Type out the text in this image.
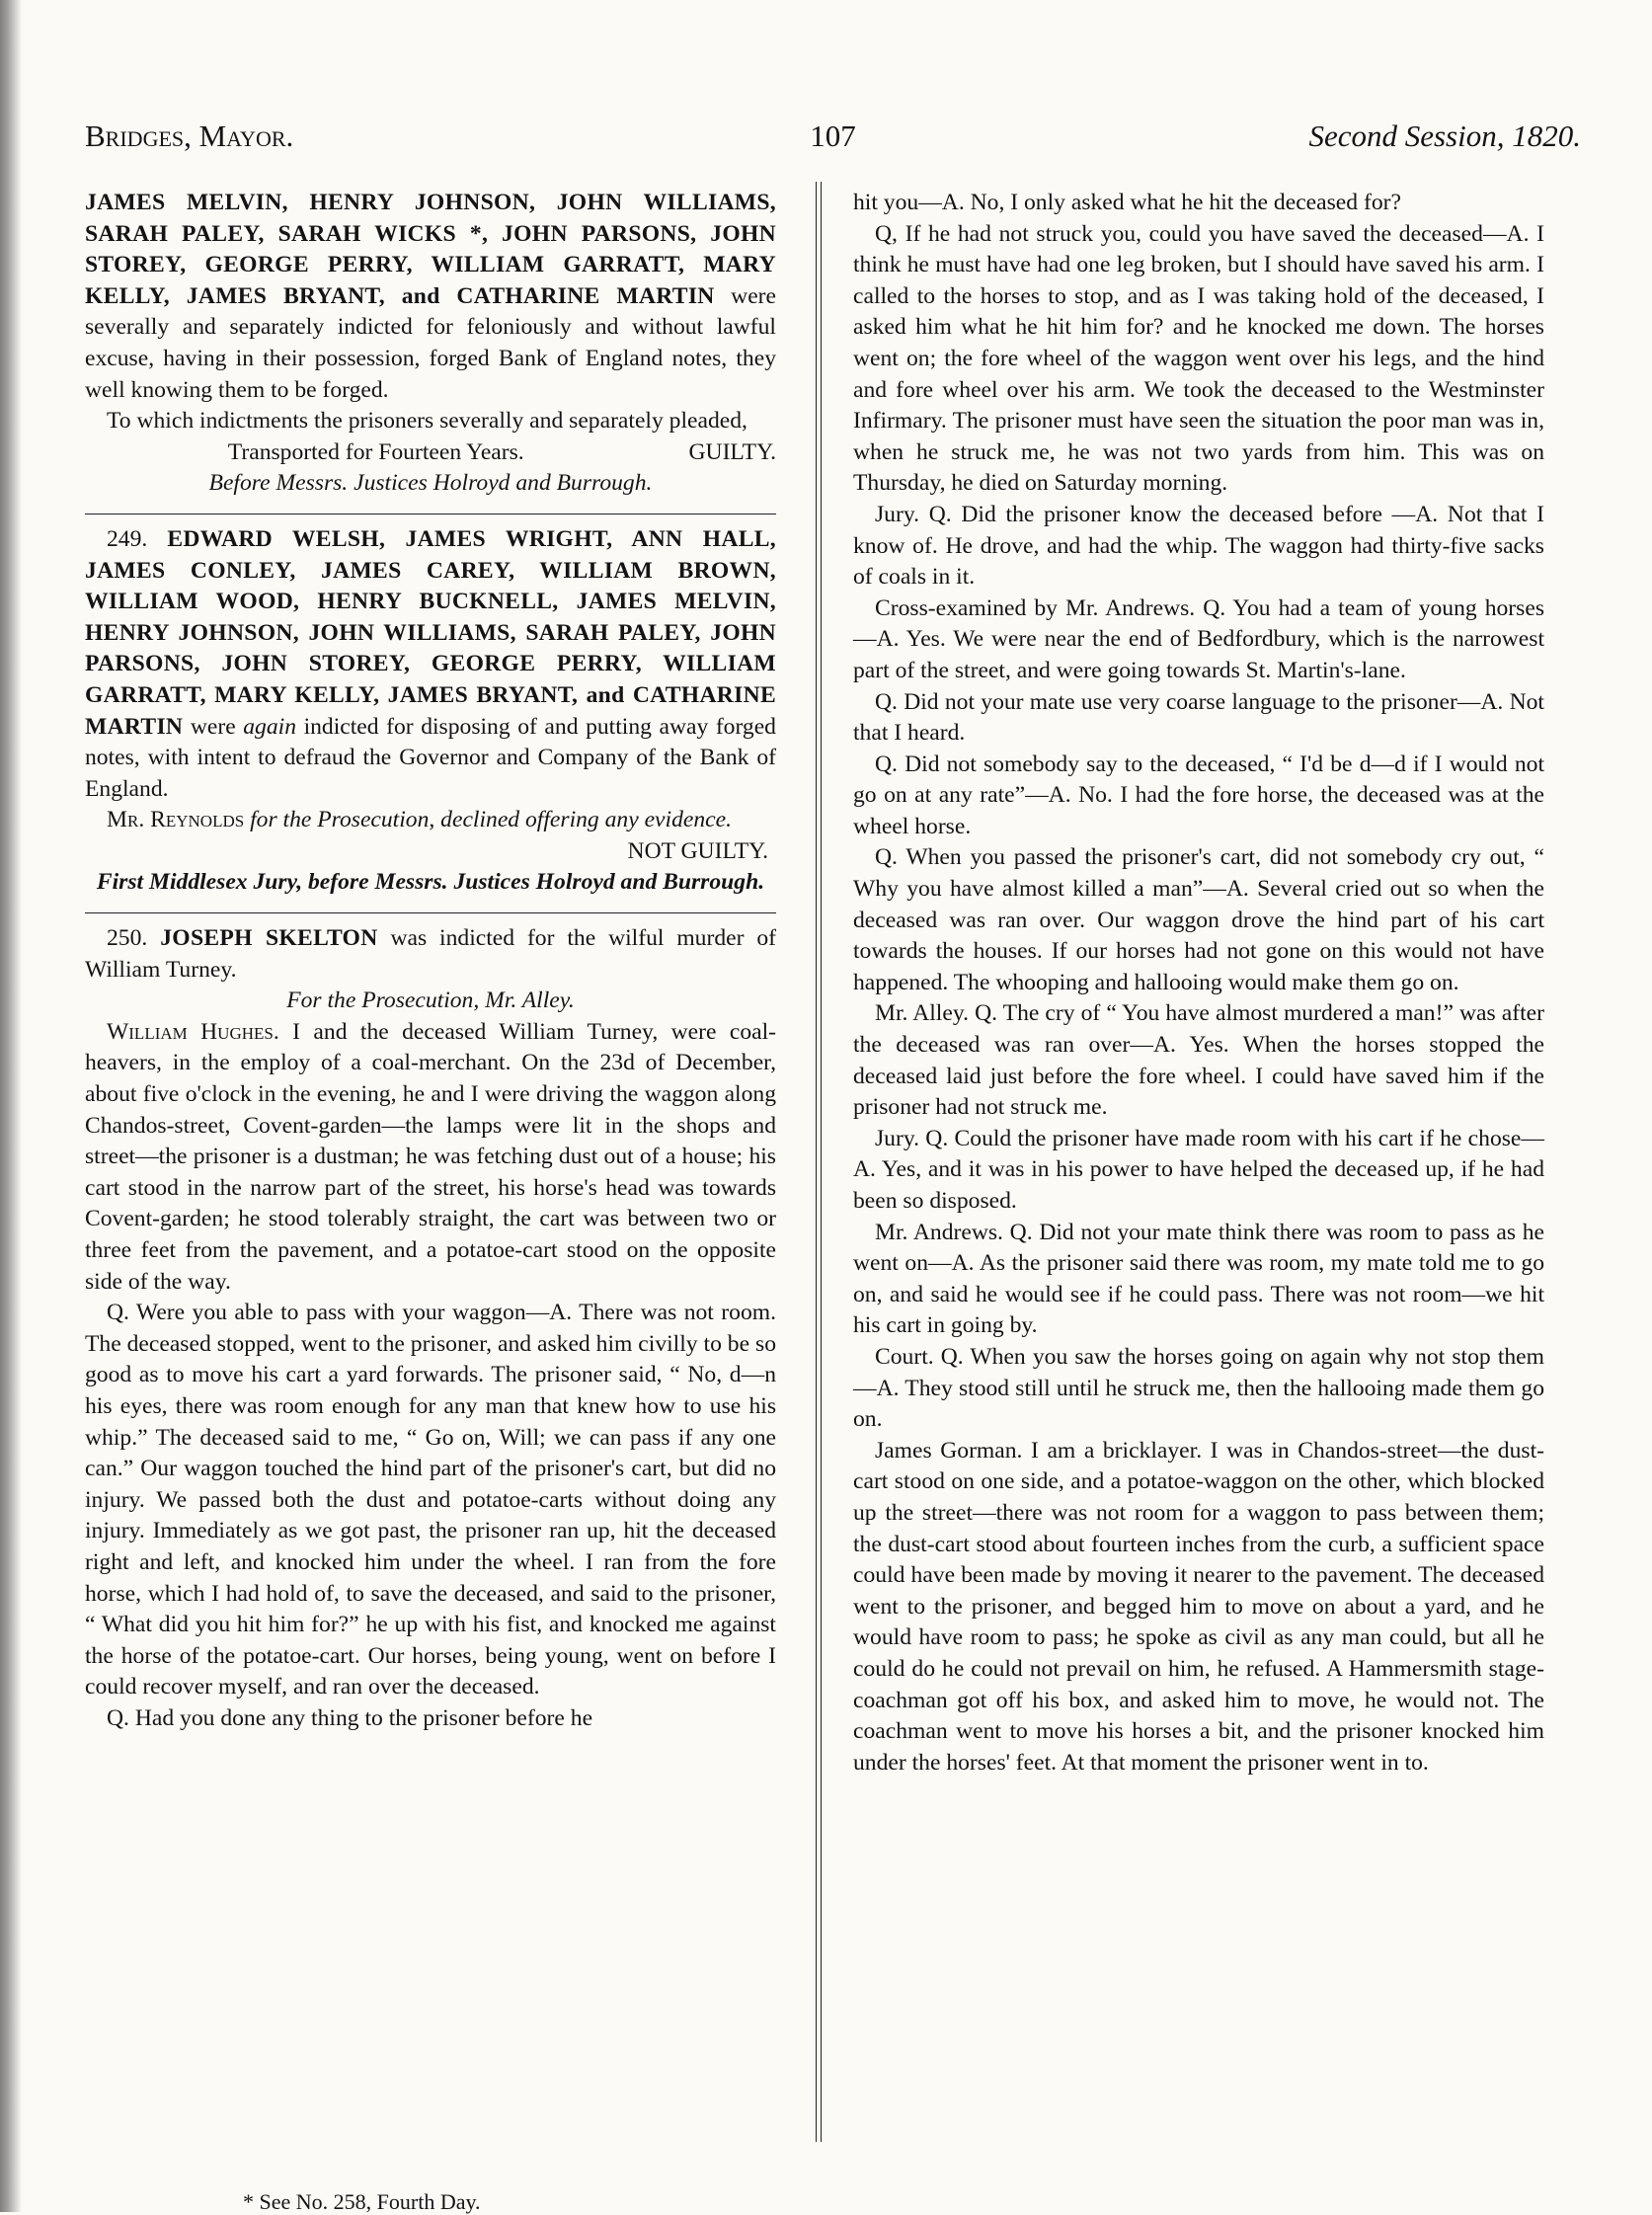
Bridges, Mayor.	107	Second Session, 1820.

JAMES MELVIN, HENRY JOHNSON, JOHN WILLIAMS, SARAH PALEY, SARAH WICKS *, JOHN PARSONS, JOHN STOREY, GEORGE PERRY, WILLIAM GARRATT, MARY KELLY, JAMES BRYANT, and CATHARINE MARTIN were severally and separately indicted for feloniously and without lawful excuse, having in their possession, forged Bank of England notes, they well knowing them to be forged.

To which indictments the prisoners severally and separately pleaded,
GUILTY.

Transported for Fourteen Years.

Before Messrs. Justices Holroyd and Burrough.

249. EDWARD WELSH, JAMES WRIGHT, ANN HALL, JAMES CONLEY, JAMES CAREY, WILLIAM BROWN, WILLIAM WOOD, HENRY BUCKNELL, JAMES MELVIN, HENRY JOHNSON, JOHN WILLIAMS, SARAH PALEY, JOHN PARSONS, JOHN STOREY, GEORGE PERRY, WILLIAM GARRATT, MARY KELLY, JAMES BRYANT, and CATHARINE MARTIN were again indicted for disposing of and putting away forged notes, with intent to defraud the Governor and Company of the Bank of England.

Mr. Reynolds for the Prosecution, declined offering any evidence.

NOT GUILTY.

First Middlesex Jury, before Messrs. Justices Holroyd and Burrough.

250. JOSEPH SKELTON was indicted for the wilful murder of William Turney.

For the Prosecution, Mr. Alley.

William Hughes. I and the deceased William Turney, were coal-heavers, in the employ of a coal-merchant. On the 23d of December, about five o'clock in the evening, he and I were driving the waggon along Chandos-street, Covent-garden—the lamps were lit in the shops and street—the prisoner is a dustman; he was fetching dust out of a house; his cart stood in the narrow part of the street, his horse's head was towards Covent-garden; he stood tolerably straight, the cart was between two or three feet from the pavement, and a potatoe-cart stood on the opposite side of the way.

Q. Were you able to pass with your waggon—A. There was not room. The deceased stopped, went to the prisoner, and asked him civilly to be so good as to move his cart a yard forwards. The prisoner said, “ No, d—n his eyes, there was room enough for any man that knew how to use his whip.” The deceased said to me, “ Go on, Will; we can pass if any one can.” Our waggon touched the hind part of the prisoner's cart, but did no injury. We passed both the dust and potatoe-carts without doing any injury. Immediately as we got past, the prisoner ran up, hit the deceased right and left, and knocked him under the wheel. I ran from the fore horse, which I had hold of, to save the deceased, and said to the prisoner, “ What did you hit him for?” he up with his fist, and knocked me against the horse of the potatoe-cart. Our horses, being young, went on before I could recover myself, and ran over the deceased.

Q. Had you done any thing to the prisoner before he

hit you—A. No, I only asked what he hit the deceased for?

Q, If he had not struck you, could you have saved the deceased—A. I think he must have had one leg broken, but I should have saved his arm. I called to the horses to stop, and as I was taking hold of the deceased, I asked him what he hit him for? and he knocked me down. The horses went on; the fore wheel of the waggon went over his legs, and the hind and fore wheel over his arm. We took the deceased to the Westminster Infirmary. The prisoner must have seen the situation the poor man was in, when he struck me, he was not two yards from him. This was on Thursday, he died on Saturday morning.

Jury. Q. Did the prisoner know the deceased before —A. Not that I know of. He drove, and had the whip. The waggon had thirty-five sacks of coals in it.

Cross-examined by Mr. Andrews. Q. You had a team of young horses—A. Yes. We were near the end of Bedfordbury, which is the narrowest part of the street, and were going towards St. Martin's-lane.

Q. Did not your mate use very coarse language to the prisoner—A. Not that I heard.

Q. Did not somebody say to the deceased, “ I'd be d—d if I would not go on at any rate”—A. No. I had the fore horse, the deceased was at the wheel horse.

Q. When you passed the prisoner's cart, did not somebody cry out, “ Why you have almost killed a man”—A. Several cried out so when the deceased was ran over. Our waggon drove the hind part of his cart towards the houses. If our horses had not gone on this would not have happened. The whooping and hallooing would make them go on.

Mr. Alley. Q. The cry of “ You have almost murdered a man!” was after the deceased was ran over—A. Yes. When the horses stopped the deceased laid just before the fore wheel. I could have saved him if the prisoner had not struck me.

Jury. Q. Could the prisoner have made room with his cart if he chose—A. Yes, and it was in his power to have helped the deceased up, if he had been so disposed.

Mr. Andrews. Q. Did not your mate think there was room to pass as he went on—A. As the prisoner said there was room, my mate told me to go on, and said he would see if he could pass. There was not room—we hit his cart in going by.

Court. Q. When you saw the horses going on again why not stop them—A. They stood still until he struck me, then the hallooing made them go on.

James Gorman. I am a bricklayer. I was in Chandos-street—the dust-cart stood on one side, and a potatoe-waggon on the other, which blocked up the street—there was not room for a waggon to pass between them; the dust-cart stood about fourteen inches from the curb, a sufficient space could have been made by moving it nearer to the pavement. The deceased went to the prisoner, and begged him to move on about a yard, and he would have room to pass; he spoke as civil as any man could, but all he could do he could not prevail on him, he refused. A Hammersmith stage-coachman got off his box, and asked him to move, he would not. The coachman went to move his horses a bit, and the prisoner knocked him under the horses' feet. At that moment the prisoner went in to.

* See No. 258, Fourth Day.
